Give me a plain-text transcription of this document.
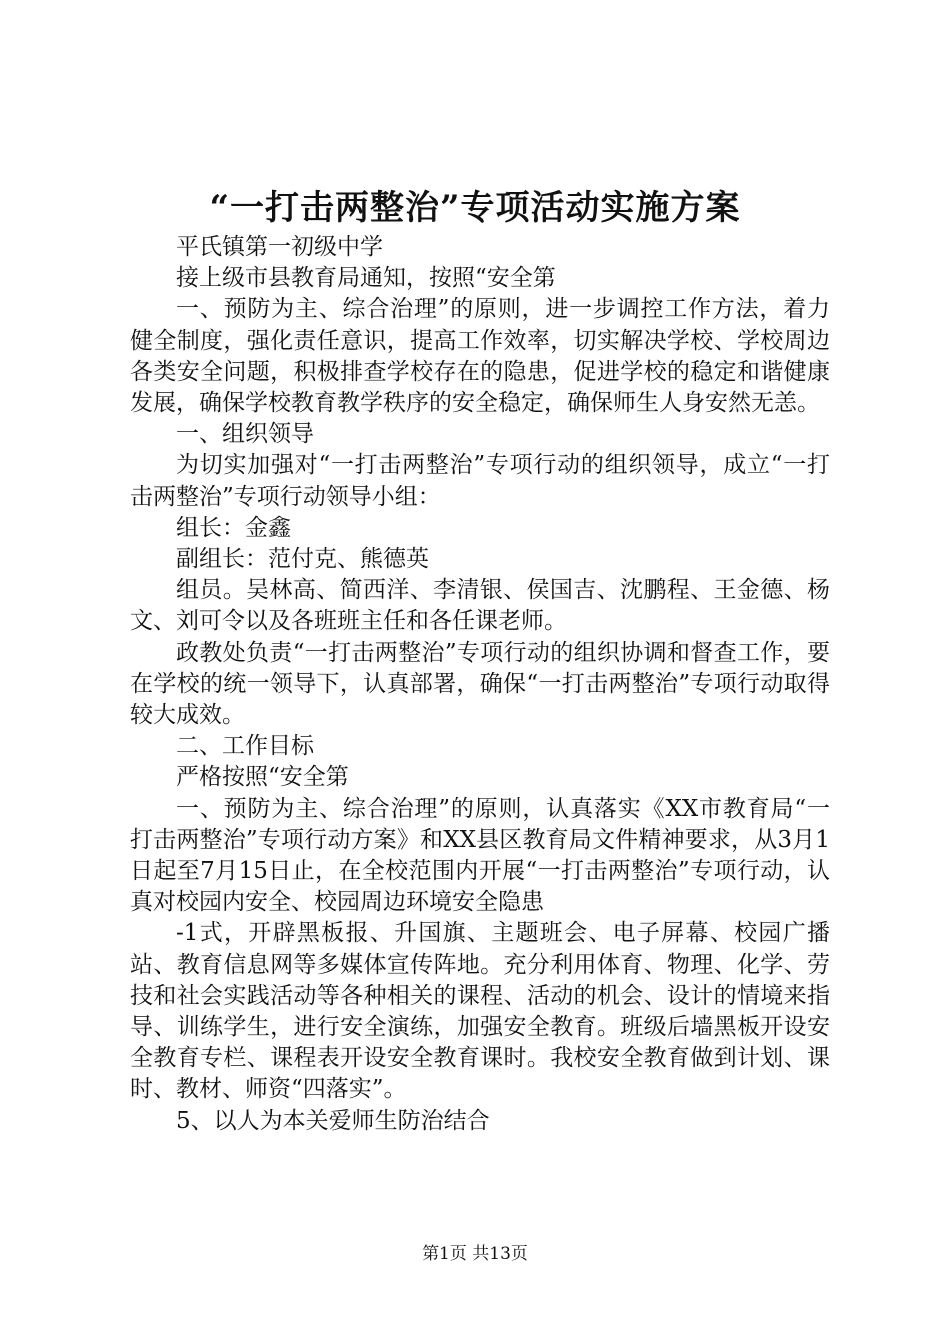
“一打击两整治”专项活动实施方案

平氏镇第一初级中学

接上级市县教育局通知，按照“安全第

一、预防为主、综合治理”的原则，进一步调控工作方法，着力健全制度，强化责任意识，提高工作效率，切实解决学校、学校周边各类安全问题，积极排查学校存在的隐患，促进学校的稳定和谐健康发展，确保学校教育教学秩序的安全稳定，确保师生人身安然无恙。

一、组织领导

为切实加强对“一打击两整治”专项行动的组织领导，成立“一打击两整治”专项行动领导小组：

组长：金鑫

副组长：范付克、熊德英

组员。吴林高、简西洋、李清银、侯国吉、沈鹏程、王金德、杨文、刘可令以及各班班主任和各任课老师。

政教处负责“一打击两整治”专项行动的组织协调和督查工作，要在学校的统一领导下，认真部署，确保“一打击两整治”专项行动取得较大成效。

二、工作目标

严格按照“安全第

一、预防为主、综合治理”的原则，认真落实《XX市教育局“一打击两整治”专项行动方案》和XX县区教育局文件精神要求，从3月1日起至7月15日止，在全校范围内开展“一打击两整治”专项行动，认真对校园内安全、校园周边环境安全隐患

-1式，开辟黑板报、升国旗、主题班会、电子屏幕、校园广播站、教育信息网等多媒体宣传阵地。充分利用体育、物理、化学、劳技和社会实践活动等各种相关的课程、活动的机会、设计的情境来指导、训练学生，进行安全演练，加强安全教育。班级后墙黑板开设安全教育专栏、课程表开设安全教育课时。我校安全教育做到计划、课时、教材、师资“四落实”。

5、以人为本关爱师生防治结合

第1页 共13页
